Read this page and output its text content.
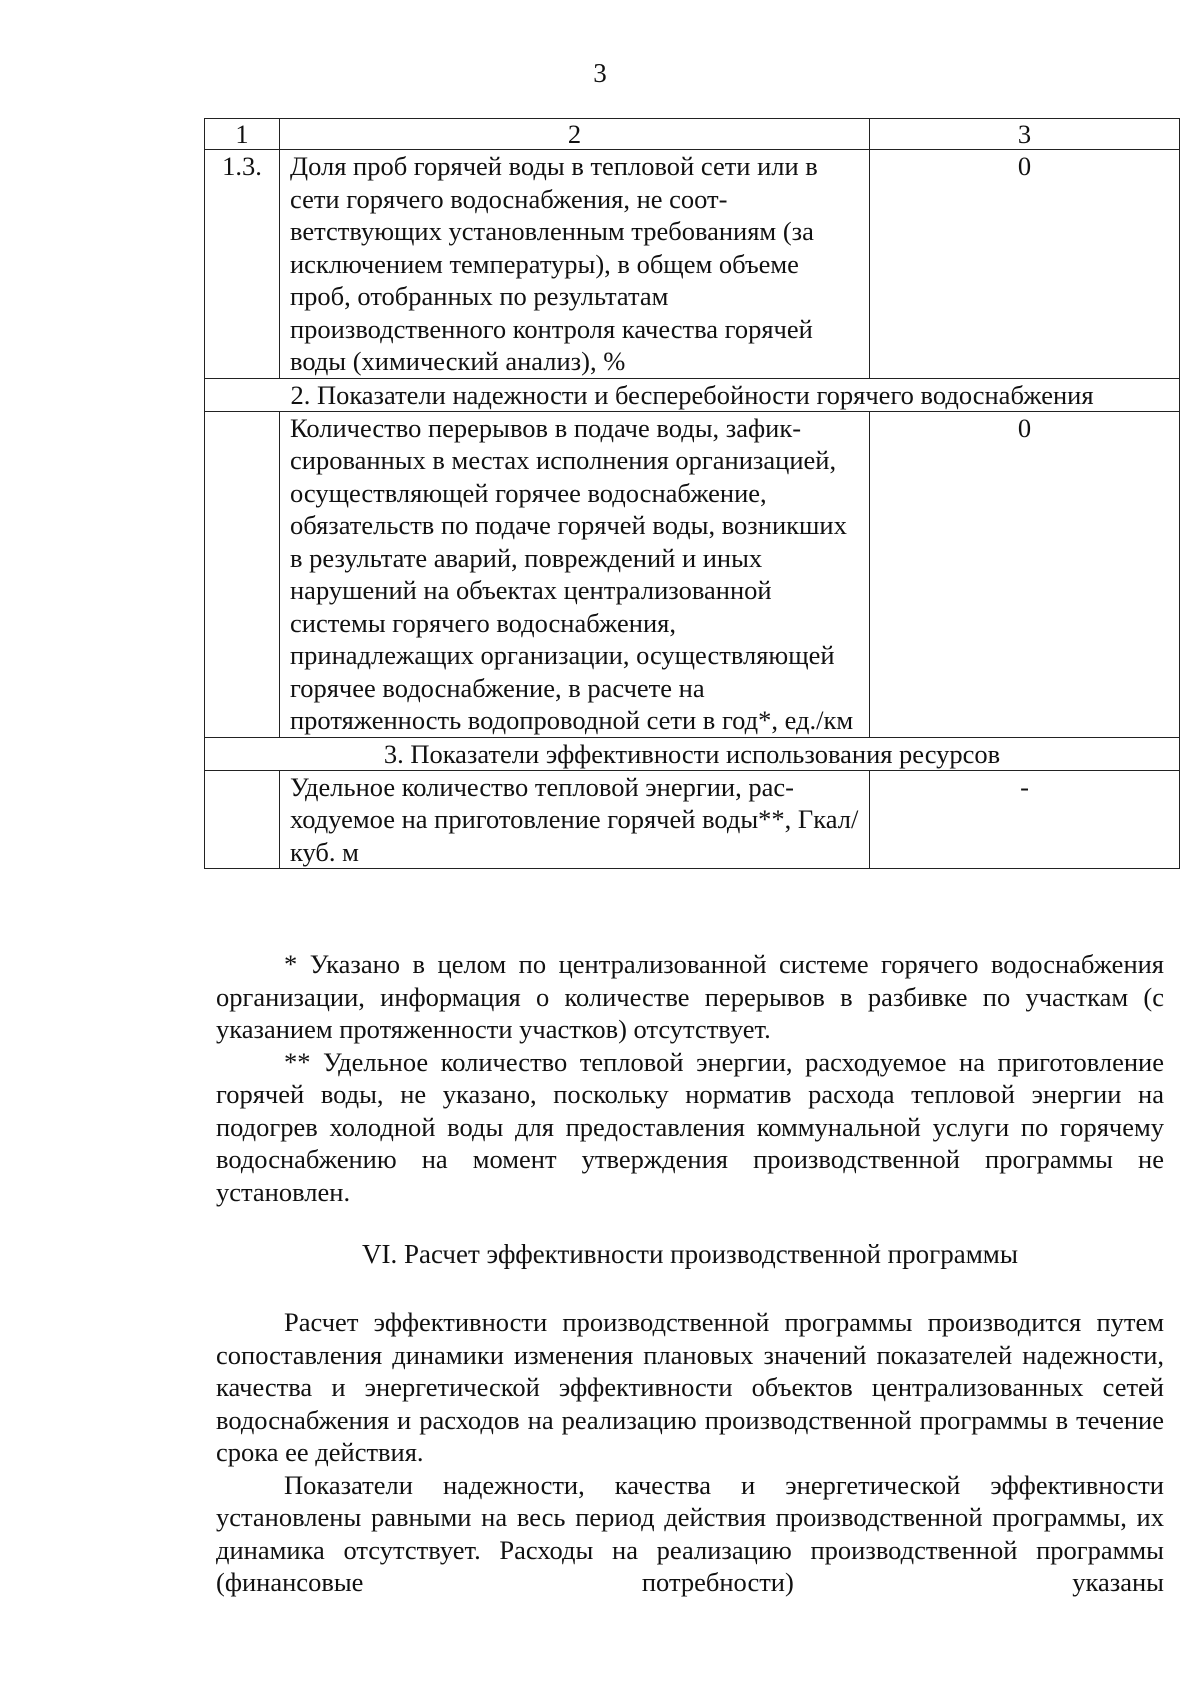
3
1	2	3
1.3.	Доля проб горячей воды в тепловой сети или в сети горячего водоснабжения, не соот-ветствующих установленным требованиям (за исключением температуры), в общем объеме проб, отобранных по результатам производственного контроля качества горячей воды (химический анализ), %	0
2. Показатели надежности и бесперебойности горячего водоснабжения		
	Количество перерывов в подаче воды, зафик-сированных в местах исполнения организацией, осуществляющей горячее водоснабжение, обязательств по подаче горячей воды, возникших в результате аварий, повреждений и иных нарушений на объектах централизованной системы горячего водоснабжения, принадлежащих организации, осуществляющей горячее водоснабжение, в расчете на протяженность водопроводной сети в год*, ед./км	0
3. Показатели эффективности использования ресурсов		
	Удельное количество тепловой энергии, рас-ходуемое на приготовление горячей воды**, Гкал/ куб. м	-

* Указано в целом по централизованной системе горячего водоснабжения организации, информация о количестве перерывов в разбивке по участкам (с указанием протяженности участков) отсутствует.

** Удельное количество тепловой энергии, расходуемое на приготовление горячей воды, не указано, поскольку норматив расхода тепловой энергии на подогрев холодной воды для предоставления коммунальной услуги по горячему водоснабжению на момент утверждения производственной программы не установлен.

VI. Расчет эффективности производственной программы

Расчет эффективности производственной программы производится путем сопоставления динамики изменения плановых значений показателей надежности, качества и энергетической эффективности объектов централизованных сетей водоснабжения и расходов на реализацию производственной программы в течение срока ее действия.

Показатели надежности, качества и энергетической эффективности установлены равными на весь период действия производственной программы, их динамика отсутствует. Расходы на реализацию производственной программы (финансовые потребности) указаны
